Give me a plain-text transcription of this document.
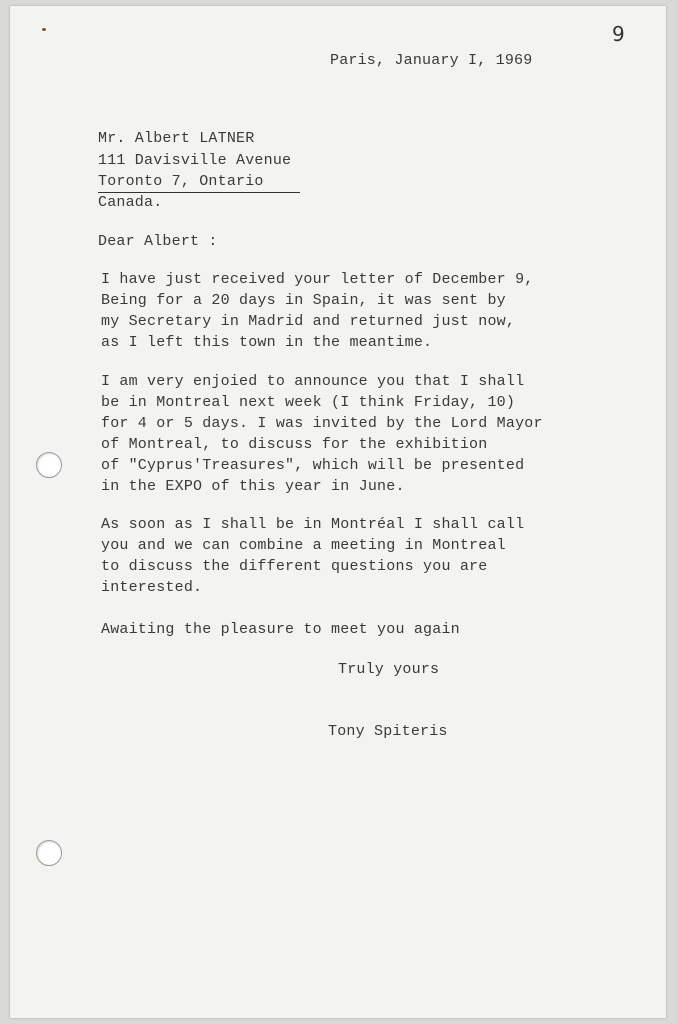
9
Paris, January I, 1969
Mr. Albert LATNER
111 Davisville Avenue
Toronto 7, Ontario
Canada.
Dear Albert :
I have just received your letter of December 9,
Being for a 20 days in Spain, it was sent by
my Secretary in Madrid and returned just now,
as I left this town in the meantime.
I am very enjoied to announce you that I shall
be in Montreal next week (I think Friday, 10)
for 4 or 5 days. I was invited by the Lord Mayor
of Montreal, to discuss for the exhibition
of "Cyprus'Treasures", which will be presented
in the EXPO of this year in June.
As soon as I shall be in Montréal I shall call
you and we can combine a meeting in Montreal
to discuss the different questions you are
interested.
Awaiting the pleasure to meet you again
Truly yours
Tony Spiteris
